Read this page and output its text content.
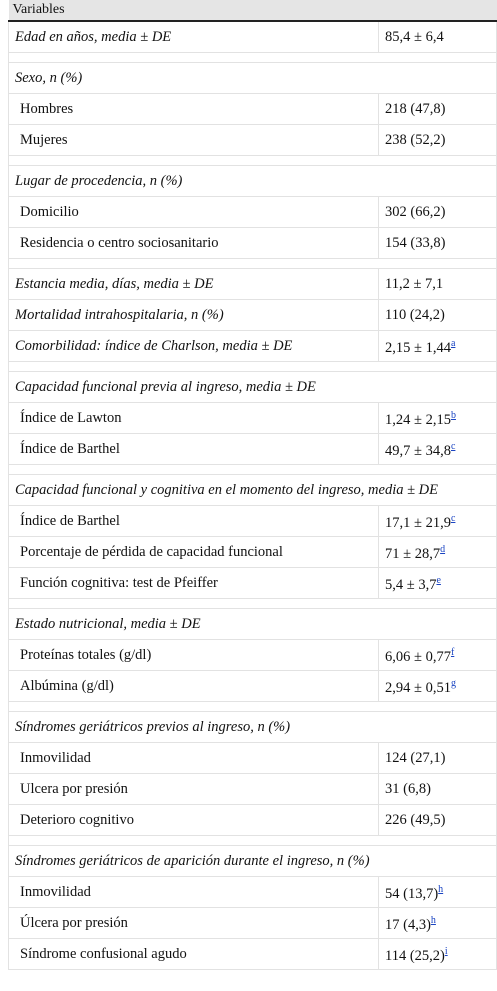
Variables	
Edad en años, media ± DE	85,4 ± 6,4

Sexo, n (%)	
Hombres	218 (47,8)
Mujeres	238 (52,2)

Lugar de procedencia, n (%)	
Domicilio	302 (66,2)
Residencia o centro sociosanitario	154 (33,8)

Estancia media, días, media ± DE	11,2 ± 7,1
Mortalidad intrahospitalaria, n (%)	110 (24,2)
Comorbilidad: índice de Charlson, media ± DE	2,15 ± 1,44$^a$

Capacidad funcional previa al ingreso, media ± DE	
Índice de Lawton	1,24 ± 2,15$^b$
Índice de Barthel	49,7 ± 34,8$^c$

Capacidad funcional y cognitiva en el momento del ingreso, media ± DE	
Índice de Barthel	17,1 ± 21,9$^c$
Porcentaje de pérdida de capacidad funcional	71 ± 28,7$^d$
Función cognitiva: test de Pfeiffer	5,4 ± 3,7$^e$

Estado nutricional, media ± DE	
Proteínas totales (g/dl)	6,06 ± 0,77$^f$
Albúmina (g/dl)	2,94 ± 0,51$^g$

Síndromes geriátricos previos al ingreso, n (%)	
Inmovilidad	124 (27,1)
Ulcera por presión	31 (6,8)
Deterioro cognitivo	226 (49,5)

Síndromes geriátricos de aparición durante el ingreso, n (%)	
Inmovilidad	54 (13,7)$^h$
Úlcera por presión	17 (4,3)$^h$
Síndrome confusional agudo	114 (25,2)$^i$
